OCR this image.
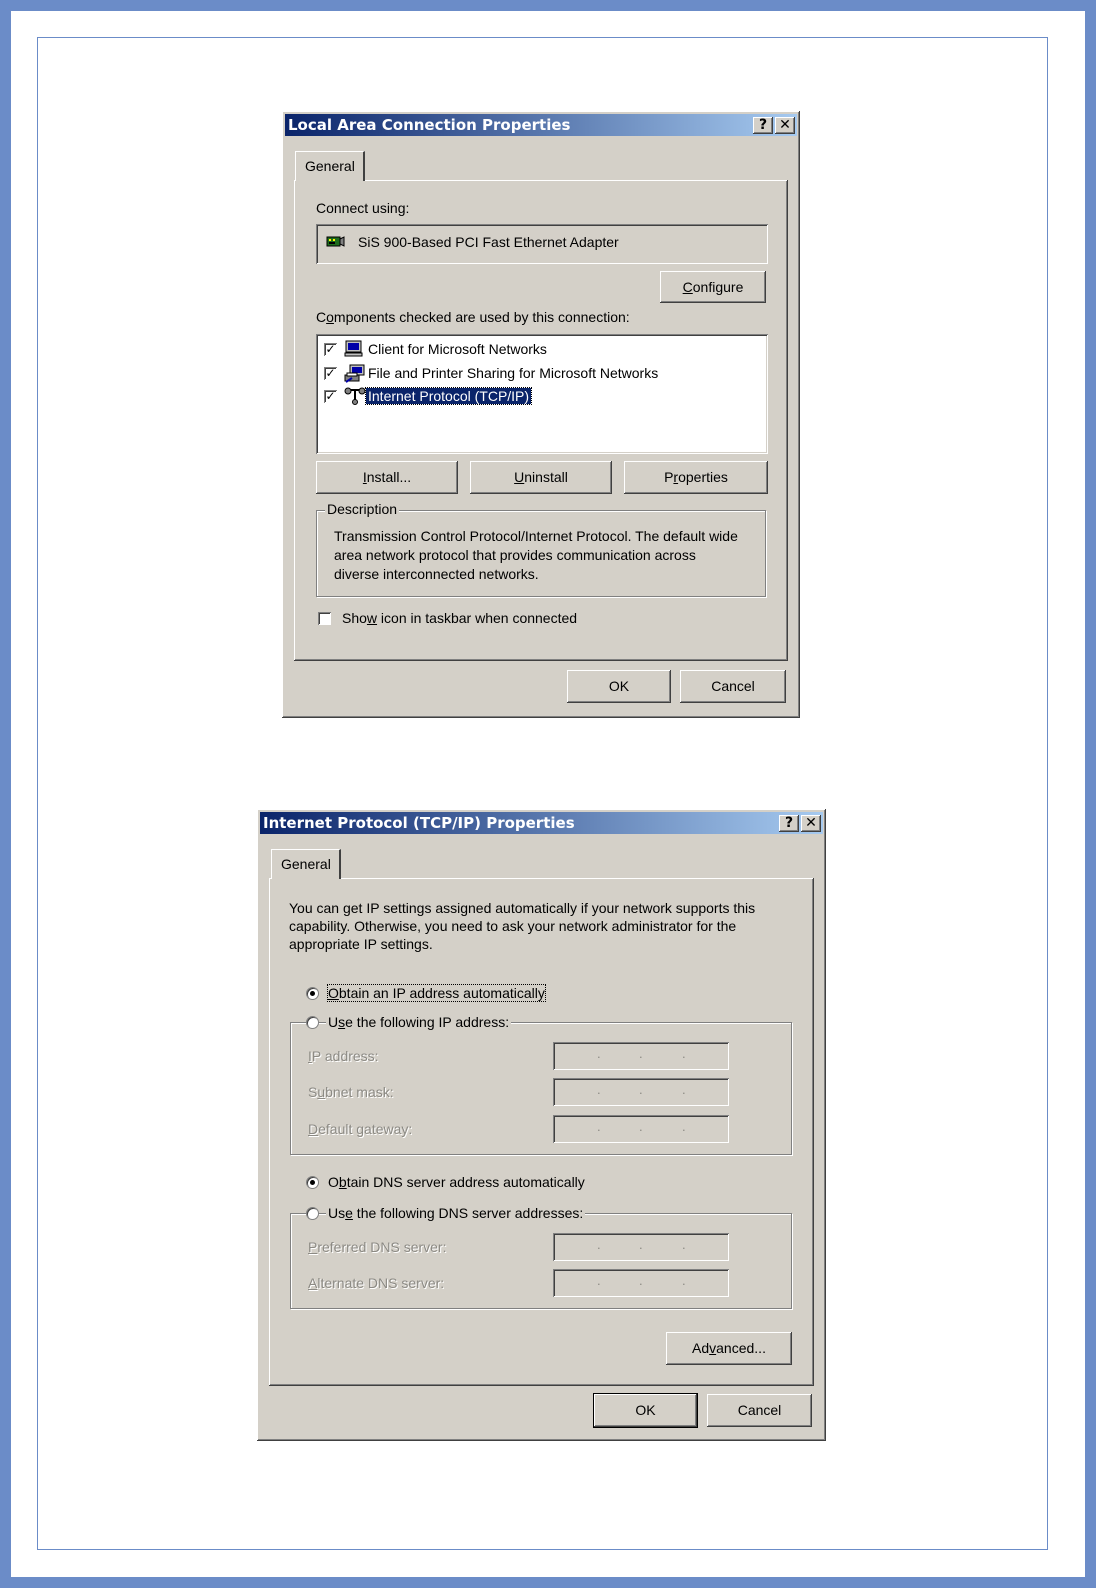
Local Area Connection Properties	? ✕
General
Connect using:
SiS 900-Based PCI Fast Ethernet Adapter
Configure
Components checked are used by this connection:
✓ Client for Microsoft Networks
✓ File and Printer Sharing for Microsoft Networks
✓ Internet Protocol (TCP/IP)
Install...	Uninstall	Properties
Description
Transmission Control Protocol/Internet Protocol. The default wide area network protocol that provides communication across diverse interconnected networks.
Show icon in taskbar when connected
OK	Cancel
Internet Protocol (TCP/IP) Properties	? ✕
General
You can get IP settings assigned automatically if your network supports this capability. Otherwise, you need to ask your network administrator for the appropriate IP settings.
Obtain an IP address automatically
Use the following IP address:
IP address:	.	.	.
Subnet mask:	.	.	.
Default gateway:	.	.	.
Obtain DNS server address automatically
Use the following DNS server addresses:
Preferred DNS server:	.	.	.
Alternate DNS server:	.	.	.
Advanced...
OK	Cancel
